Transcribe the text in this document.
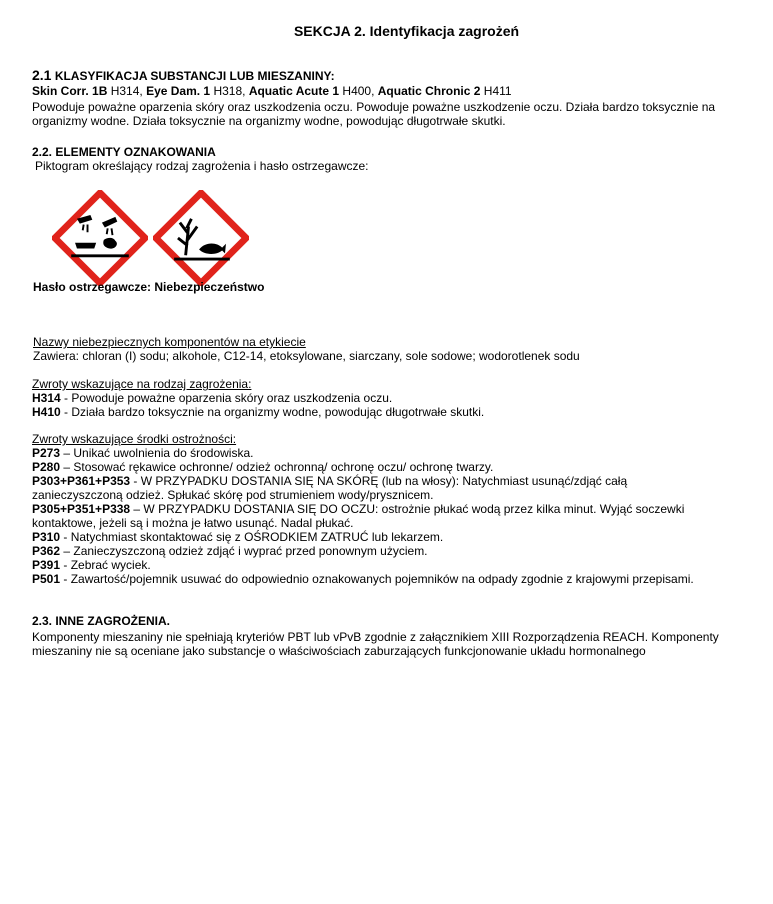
SEKCJA 2. Identyfikacja zagrożeń

2.1 KLASYFIKACJA SUBSTANCJI LUB MIESZANINY:

Skin Corr. 1B H314, Eye Dam. 1 H318, Aquatic Acute 1 H400, Aquatic Chronic 2 H411

Powoduje poważne oparzenia skóry oraz uszkodzenia oczu. Powoduje poważne uszkodzenie oczu. Działa bardzo toksycznie na organizmy wodne. Działa toksycznie na organizmy wodne, powodując długotrwałe skutki.

2.2. ELEMENTY OZNAKOWANIA
Piktogram określający rodzaj zagrożenia i hasło ostrzegawcze:
Hasło ostrzegawcze: Niebezpieczeństwo

Nazwy niebezpiecznych komponentów na etykiecie

Zawiera: chloran (I) sodu; alkohole, C12-14, etoksylowane, siarczany, sole sodowe; wodorotlenek sodu

Zwroty wskazujące na rodzaj zagrożenia:

H314 - Powoduje poważne oparzenia skóry oraz uszkodzenia oczu.

H410 - Działa bardzo toksycznie na organizmy wodne, powodując długotrwałe skutki.

Zwroty wskazujące środki ostrożności:

P273 – Unikać uwolnienia do środowiska.

P280 – Stosować rękawice ochronne/ odzież ochronną/ ochronę oczu/ ochronę twarzy.

P303+P361+P353 - W PRZYPADKU DOSTANIA SIĘ NA SKÓRĘ (lub na włosy): Natychmiast usunąć/zdjąć całą zanieczyszczoną odzież. Spłukać skórę pod strumieniem wody/prysznicem.

P305+P351+P338 – W PRZYPADKU DOSTANIA SIĘ DO OCZU: ostrożnie płukać wodą przez kilka minut. Wyjąć soczewki kontaktowe, jeżeli są i można je łatwo usunąć. Nadal płukać.

P310 - Natychmiast skontaktować się z OŚRODKIEM ZATRUĆ lub lekarzem.

P362 – Zanieczyszczoną odzież zdjąć i wyprać przed ponownym użyciem.

P391 - Zebrać wyciek.

P501 - Zawartość/pojemnik usuwać do odpowiednio oznakowanych pojemników na odpady zgodnie z krajowymi przepisami.

2.3. INNE ZAGROŻENIA.

Komponenty mieszaniny nie spełniają kryteriów PBT lub vPvB zgodnie z załącznikiem XIII Rozporządzenia REACH. Komponenty mieszaniny nie są oceniane jako substancje o właściwościach zaburzających funkcjonowanie układu hormonalnego
